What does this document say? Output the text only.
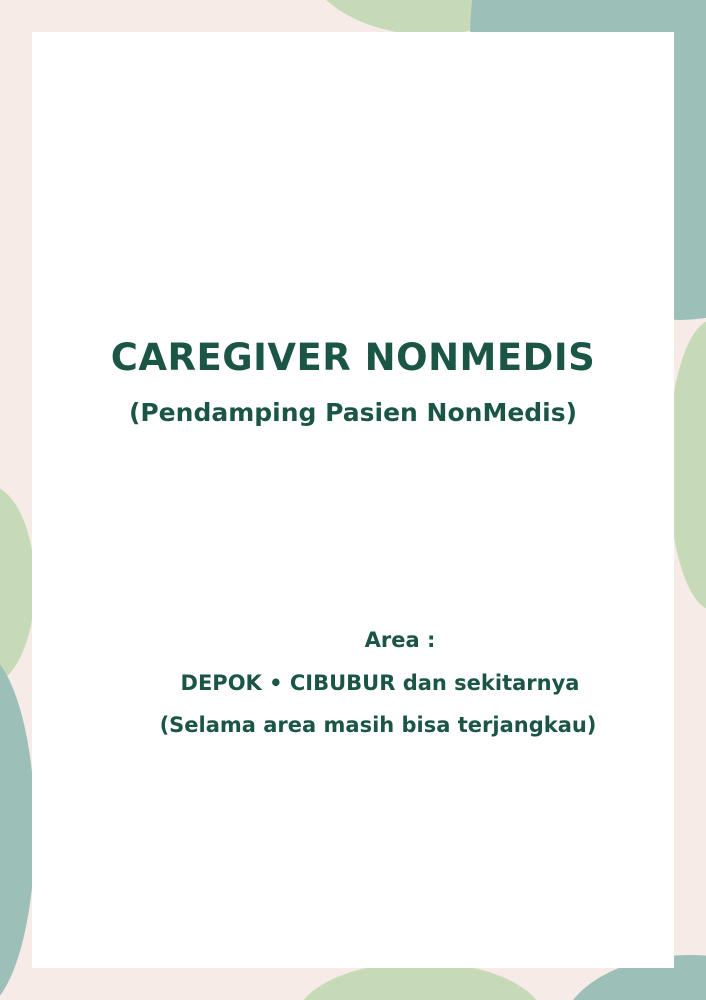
CAREGIVER NONMEDIS
(Pendamping Pasien NonMedis)
Area :
DEPOK • CIBUBUR dan sekitarnya
(Selama area masih bisa terjangkau)
